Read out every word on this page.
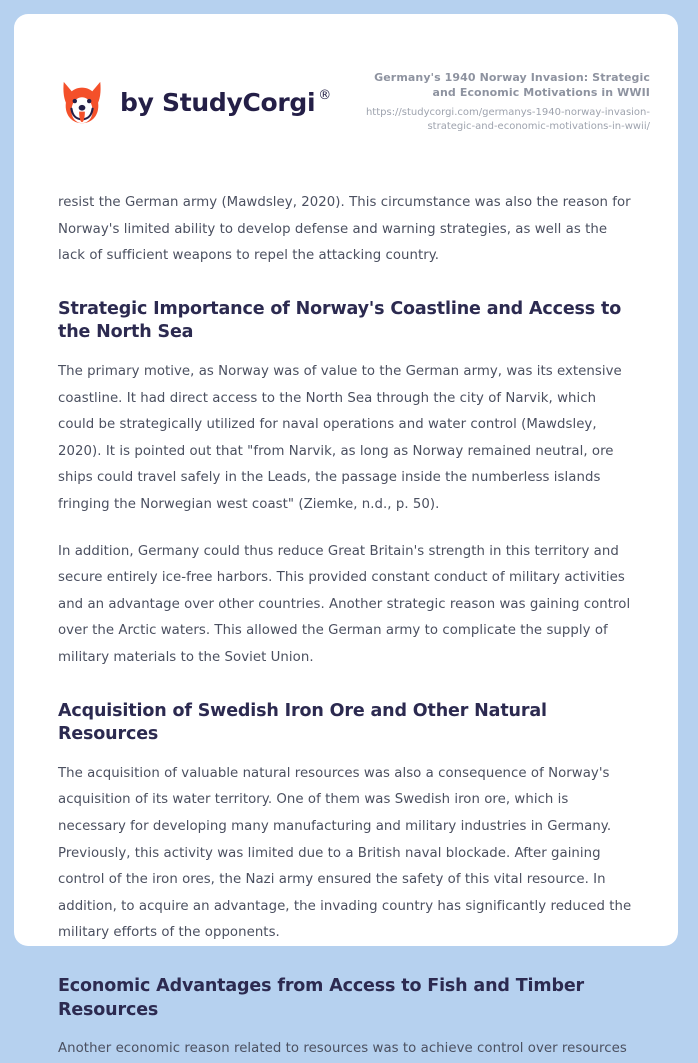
by StudyCorgi ®
Germany's 1940 Norway Invasion: Strategic and Economic Motivations in WWII
https://studycorgi.com/germanys-1940-norway-invasion-strategic-and-economic-motivations-in-wwii/

resist the German army (Mawdsley, 2020). This circumstance was also the reason for Norway's limited ability to develop defense and warning strategies, as well as the lack of sufficient weapons to repel the attacking country.

Strategic Importance of Norway's Coastline and Access to the North Sea

The primary motive, as Norway was of value to the German army, was its extensive coastline. It had direct access to the North Sea through the city of Narvik, which could be strategically utilized for naval operations and water control (Mawdsley, 2020). It is pointed out that "from Narvik, as long as Norway remained neutral, ore ships could travel safely in the Leads, the passage inside the numberless islands fringing the Norwegian west coast" (Ziemke, n.d., p. 50).

In addition, Germany could thus reduce Great Britain's strength in this territory and secure entirely ice-free harbors. This provided constant conduct of military activities and an advantage over other countries. Another strategic reason was gaining control over the Arctic waters. This allowed the German army to complicate the supply of military materials to the Soviet Union.

Acquisition of Swedish Iron Ore and Other Natural Resources

The acquisition of valuable natural resources was also a consequence of Norway's acquisition of its water territory. One of them was Swedish iron ore, which is necessary for developing many manufacturing and military industries in Germany. Previously, this activity was limited due to a British naval blockade. After gaining control of the iron ores, the Nazi army ensured the safety of this vital resource. In addition, to acquire an advantage, the invading country has significantly reduced the military efforts of the opponents.

Economic Advantages from Access to Fish and Timber Resources

Another economic reason related to resources was to achieve control over resources
